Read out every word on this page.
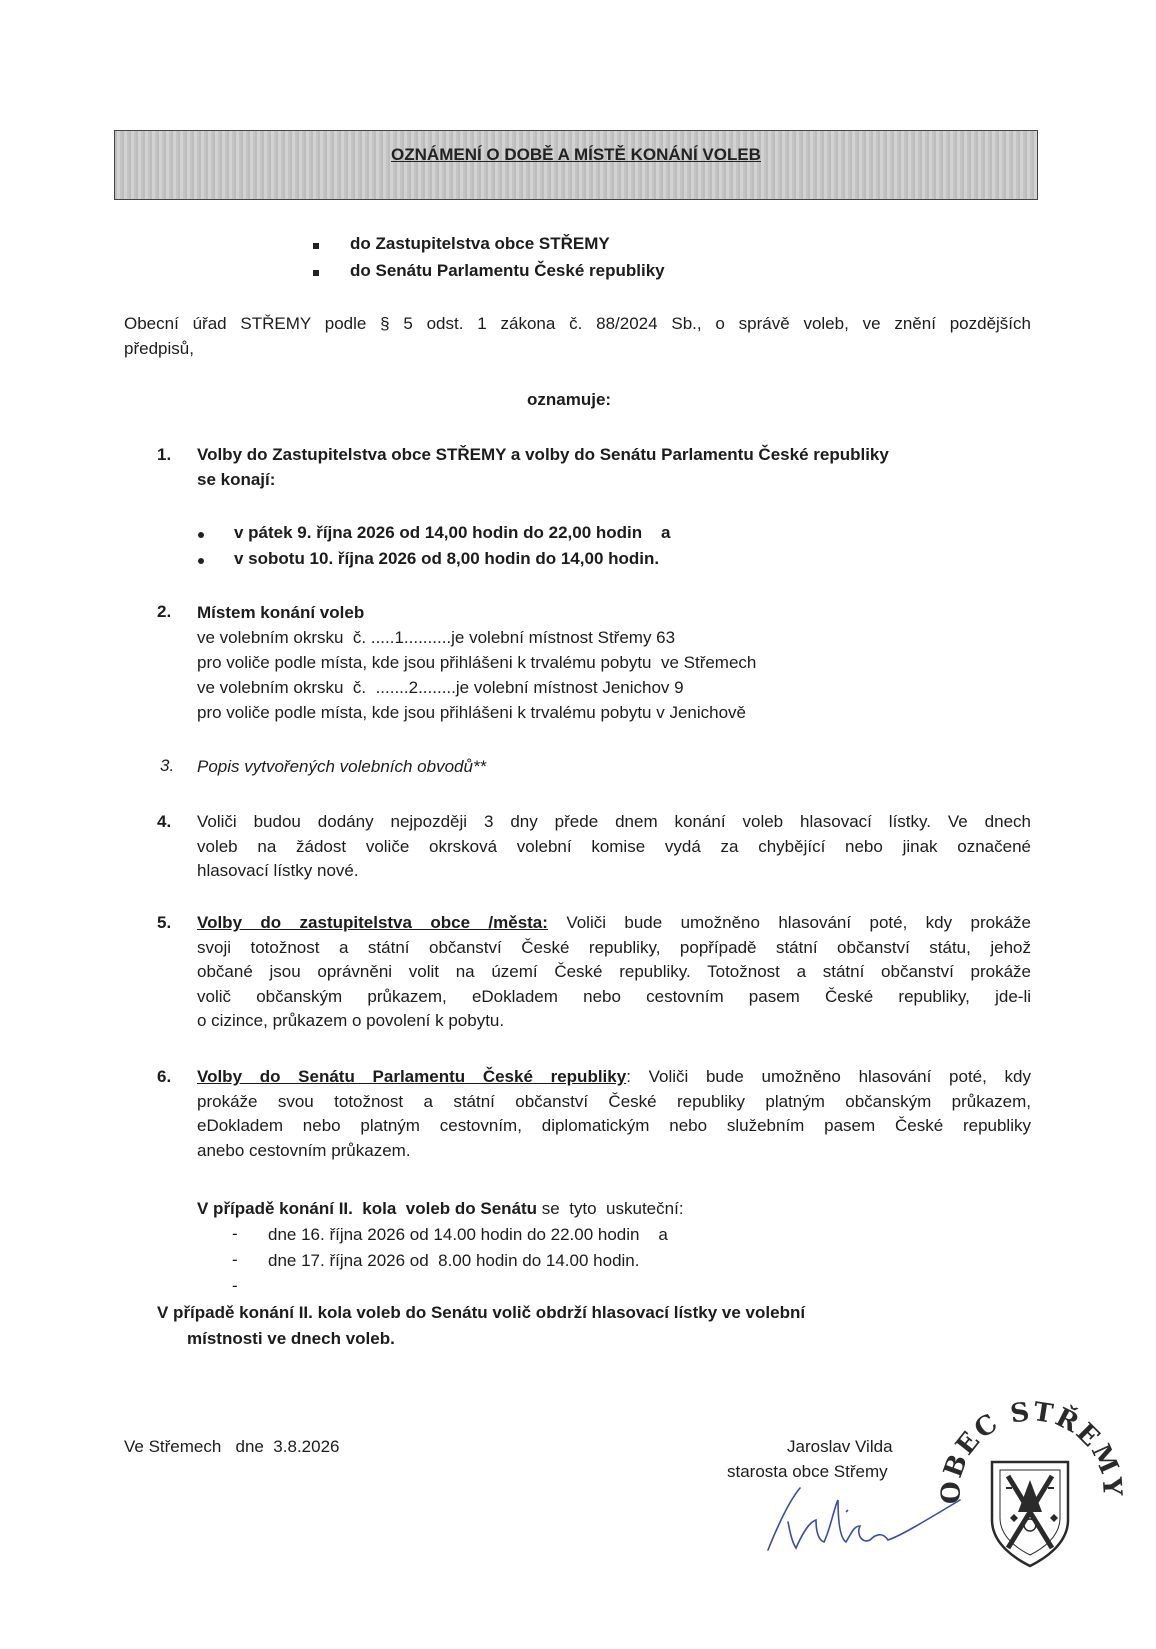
OZNÁMENÍ O DOBĚ A MÍSTĚ KONÁNÍ VOLEB
do Zastupitelstva obce STŘEMY
do Senátu Parlamentu České republiky
Obecní úřad STŘEMY podle § 5 odst. 1 zákona č. 88/2024 Sb., o správě voleb, ve znění pozdějších
předpisů,
oznamuje:
1. Volby do Zastupitelstva obce STŘEMY a volby do Senátu Parlamentu České republiky
se konají:
v pátek 9. října 2026 od 14,00 hodin do 22,00 hodin    a
v sobotu 10. října 2026 od 8,00 hodin do 14,00 hodin.
2. Místem konání voleb
ve volebním okrsku  č. .....1..........je volební místnost Střemy 63
pro voliče podle místa, kde jsou přihlášeni k trvalému pobytu  ve Střemech
ve volebním okrsku  č.  .......2........je volební místnost Jenichov 9
pro voliče podle místa, kde jsou přihlášeni k trvalému pobytu v Jenichově
3. Popis vytvořených volebních obvodů**
4. Voliči budou dodány nejpozději 3 dny přede dnem konání voleb hlasovací lístky. Ve dnech
voleb na žádost voliče okrsková volební komise vydá za chybějící nebo jinak označené
hlasovací lístky nové.
5. Volby do zastupitelstva obce /města: Voliči bude umožněno hlasování poté, kdy prokáže
svoji totožnost a státní občanství České republiky, popřípadě státní občanství státu, jehož
občané jsou oprávněni volit na území České republiky. Totožnost a státní občanství prokáže
volič občanským průkazem, eDokladem nebo cestovním pasem České republiky, jde-li
o cizince, průkazem o povolení k pobytu.
6. Volby do Senátu Parlamentu České republiky: Voliči bude umožněno hlasování poté, kdy
prokáže svou totožnost a státní občanství České republiky platným občanským průkazem,
eDokladem nebo platným cestovním, diplomatickým nebo služebním pasem České republiky
anebo cestovním průkazem.
V případě konání II.  kola  voleb do Senátu se  tyto  uskuteční:
- dne 16. října 2026 od 14.00 hodin do 22.00 hodin    a
- dne 17. října 2026 od  8.00 hodin do 14.00 hodin.
-
V případě konání II. kola voleb do Senátu volič obdrží hlasovací lístky ve volební
místnosti ve dnech voleb.
Ve Střemech   dne  3.8.2026	Jaroslav Vilda
starosta obce Střemy
OBEC STŘEMY
